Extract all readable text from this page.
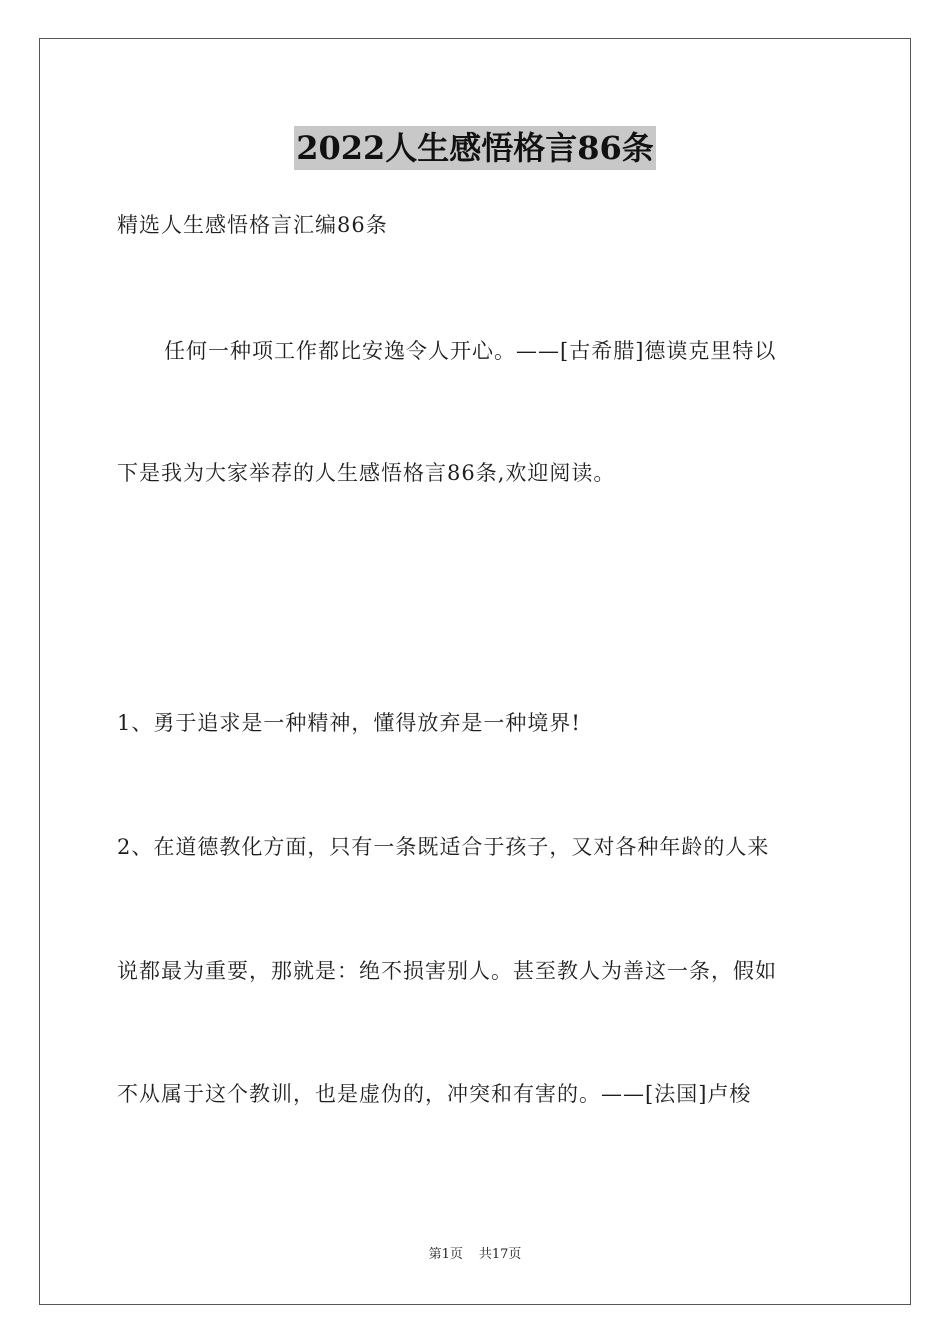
2022人生感悟格言86条
精选人生感悟格言汇编86条
任何一种项工作都比安逸令人开心。——[古希腊]德谟克里特以
下是我为大家举荐的人生感悟格言86条,欢迎阅读。
1、勇于追求是一种精神，懂得放弃是一种境界!
2、在道德教化方面，只有一条既适合于孩子，又对各种年龄的人来
说都最为重要，那就是：绝不损害别人。甚至教人为善这一条，假如
不从属于这个教训，也是虚伪的，冲突和有害的。——[法国]卢梭
第1页 共17页
